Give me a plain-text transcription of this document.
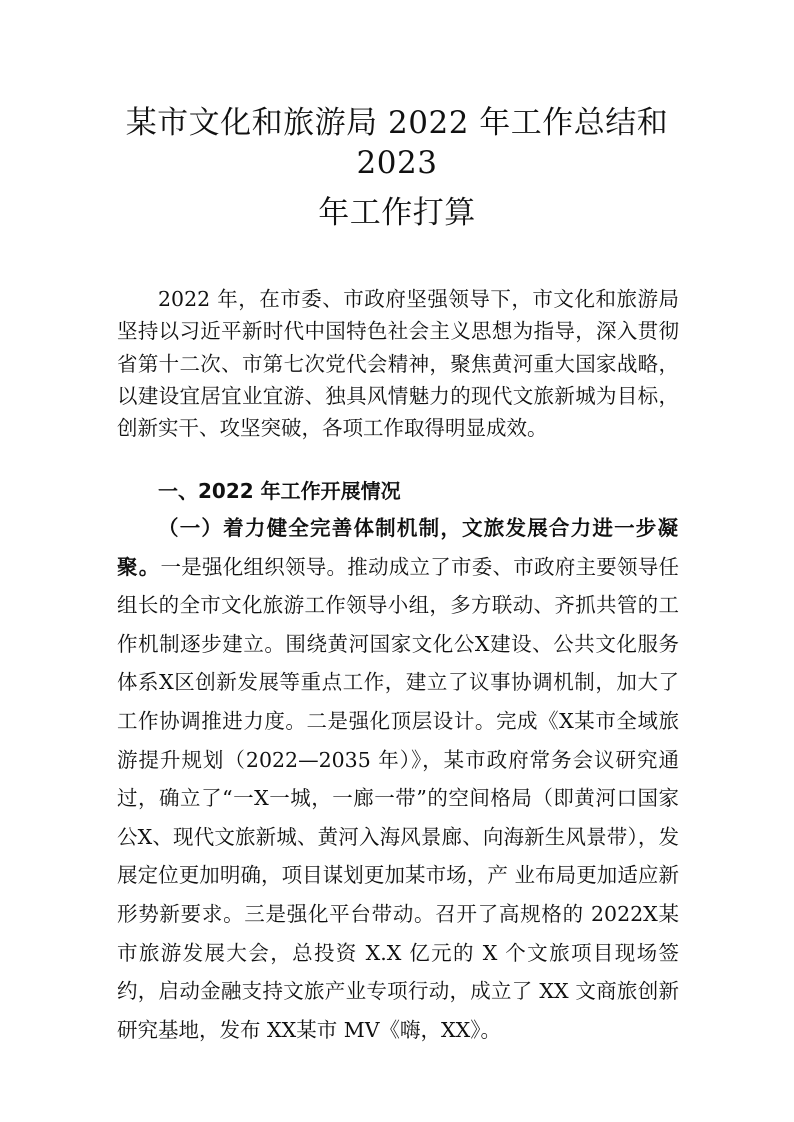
某市文化和旅游局 2022 年工作总结和
2023
年工作打算

2022 年，在市委、市政府坚强领导下，市文化和旅游局坚持以习近平新时代中国特色社会主义思想为指导，深入贯彻省第十二次、市第七次党代会精神，聚焦黄河重大国家战略，以建设宜居宜业宜游、独具风情魅力的现代文旅新城为目标，创新实干、攻坚突破，各项工作取得明显成效。

一、2022 年工作开展情况

（一）着力健全完善体制机制，文旅发展合力进一步凝聚。一是强化组织领导。推动成立了市委、市政府主要领导任组长的全市文化旅游工作领导小组，多方联动、齐抓共管的工作机制逐步建立。围绕黄河国家文化公X建设、公共文化服务体系X区创新发展等重点工作，建立了议事协调机制，加大了工作协调推进力度。二是强化顶层设计。完成《X某市全域旅游提升规划（2022—2035 年）》，某市政府常务会议研究通过，确立了“一X一城，一廊一带”的空间格局（即黄河口国家公X、现代文旅新城、黄河入海风景廊、向海新生风景带），发展定位更加明确，项目谋划更加某市场，产 业布局更加适应新形势新要求。三是强化平台带动。召开了高规格的 2022X某市旅游发展大会，总投资 X.X 亿元的 X 个文旅项目现场签约，启动金融支持文旅产业专项行动，成立了 XX 文商旅创新研究基地，发布 XX某市 MV《嗨，XX》。
